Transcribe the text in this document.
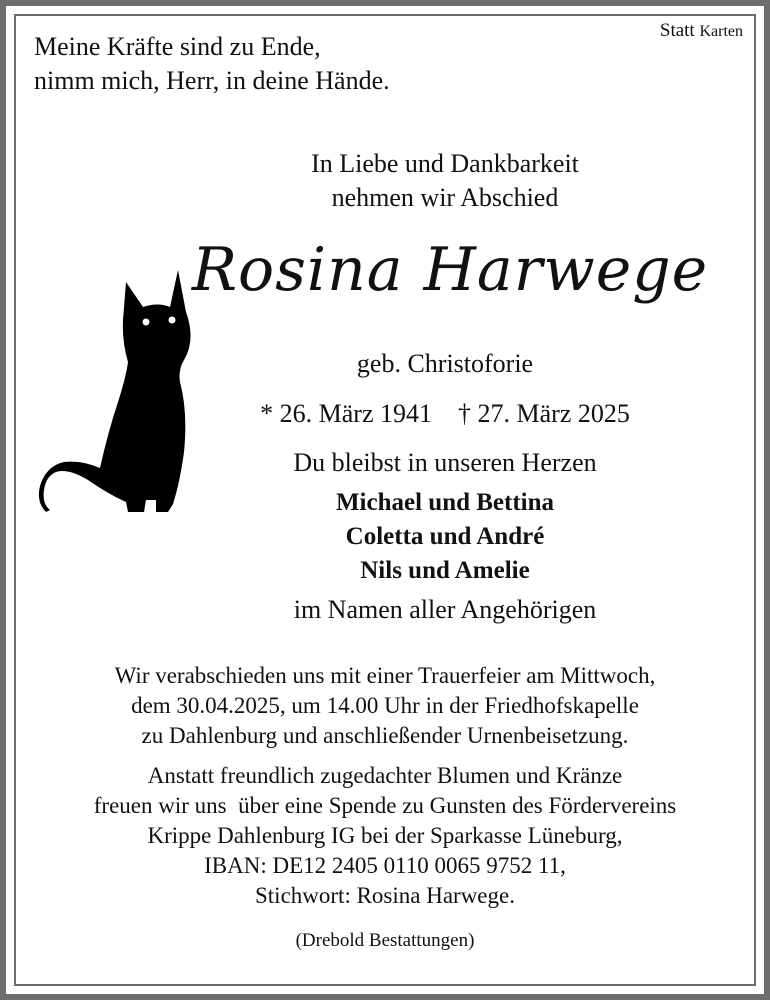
Statt Karten
Meine Kräfte sind zu Ende,
nimm mich, Herr, in deine Hände.
In Liebe und Dankbarkeit
nehmen wir Abschied
Rosina Harwege
geb. Christoforie
* 26. März 1941 † 27. März 2025
Du bleibst in unseren Herzen
Michael und Bettina
Coletta und André
Nils und Amelie
im Namen aller Angehörigen
Wir verabschieden uns mit einer Trauerfeier am Mittwoch,
dem 30.04.2025, um 14.00 Uhr in der Friedhofskapelle
zu Dahlenburg und anschließender Urnenbeisetzung.
Anstatt freundlich zugedachter Blumen und Kränze
freuen wir uns  über eine Spende zu Gunsten des Fördervereins
Krippe Dahlenburg IG bei der Sparkasse Lüneburg,
IBAN: DE12 2405 0110 0065 9752 11,
Stichwort: Rosina Harwege.
(Drebold Bestattungen)
